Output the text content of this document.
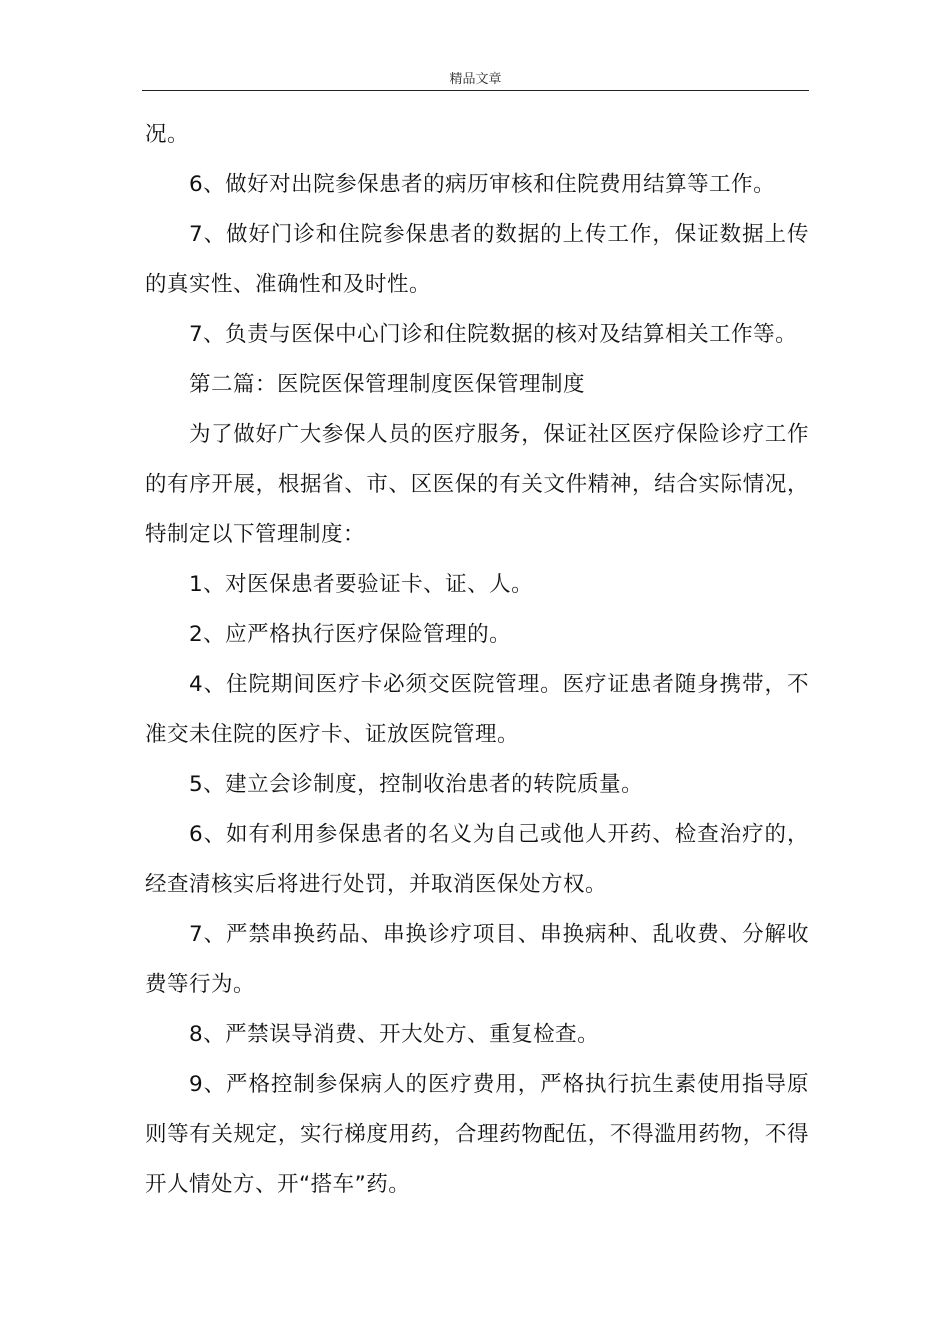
精品文章

况。

6、做好对出院参保患者的病历审核和住院费用结算等工作。

7、做好门诊和住院参保患者的数据的上传工作，保证数据上传的真实性、准确性和及时性。

7、负责与医保中心门诊和住院数据的核对及结算相关工作等。

第二篇：医院医保管理制度医保管理制度

为了做好广大参保人员的医疗服务，保证社区医疗保险诊疗工作的有序开展，根据省、市、区医保的有关文件精神，结合实际情况，特制定以下管理制度：

1、对医保患者要验证卡、证、人。

2、应严格执行医疗保险管理的。

4、住院期间医疗卡必须交医院管理。医疗证患者随身携带，不准交未住院的医疗卡、证放医院管理。

5、建立会诊制度，控制收治患者的转院质量。

6、如有利用参保患者的名义为自己或他人开药、检查治疗的，经查清核实后将进行处罚，并取消医保处方权。

7、严禁串换药品、串换诊疗项目、串换病种、乱收费、分解收费等行为。

8、严禁误导消费、开大处方、重复检查。

9、严格控制参保病人的医疗费用，严格执行抗生素使用指导原则等有关规定，实行梯度用药，合理药物配伍，不得滥用药物，不得开人情处方、开“搭车”药。
